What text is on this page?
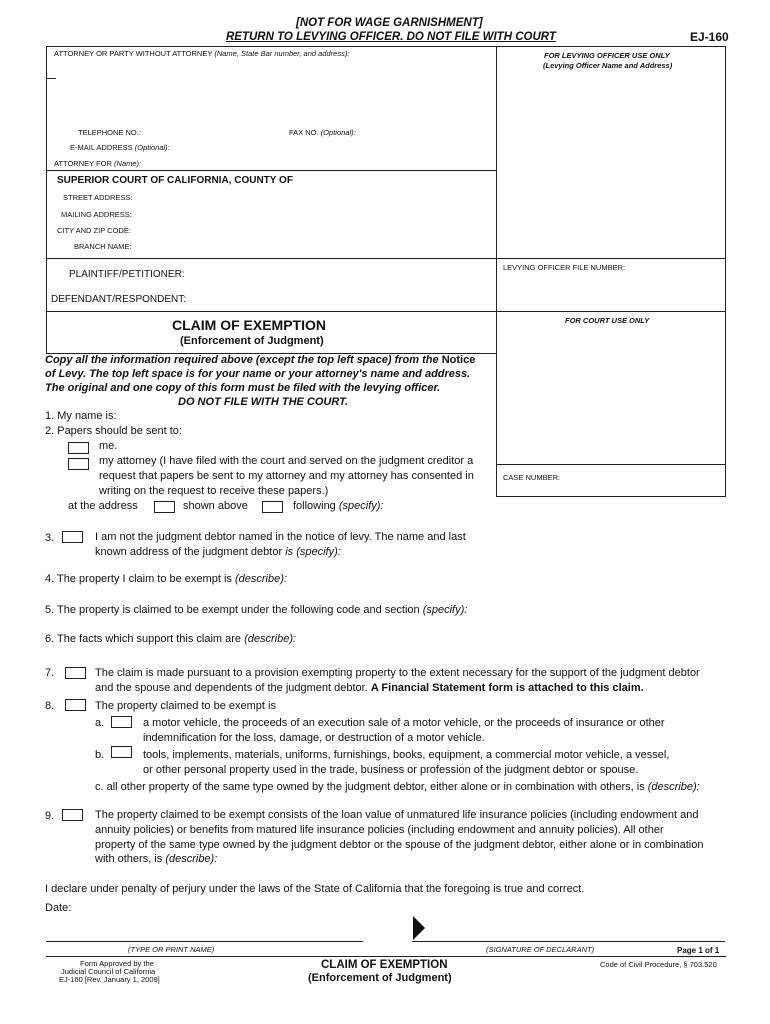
[NOT FOR WAGE GARNISHMENT]
RETURN TO LEVYING OFFICER. DO NOT FILE WITH COURT	EJ-160
ATTORNEY OR PARTY WITHOUT ATTORNEY (Name, State Bar number, and address):
TELEPHONE NO.:	FAX NO. (Optional):
E-MAIL ADDRESS (Optional):
ATTORNEY FOR (Name):
FOR LEVYING OFFICER USE ONLY
(Levying Officer Name and Address)
LEVYING OFFICER FILE NUMBER:
SUPERIOR COURT OF CALIFORNIA, COUNTY OF
STREET ADDRESS:
MAILING ADDRESS:
CITY AND ZIP CODE:
BRANCH NAME:
PLAINTIFF/PETITIONER:
DEFENDANT/RESPONDENT:
CLAIM OF EXEMPTION
(Enforcement of Judgment)
FOR COURT USE ONLY
CASE NUMBER:
Copy all the information required above (except the top left space) from the Notice
of Levy. The top left space is for your name or your attorney's name and address.
The original and one copy of this form must be filed with the levying officer.
DO NOT FILE WITH THE COURT.
1. My name is:
2. Papers should be sent to:
me.
my attorney (I have filed with the court and served on the judgment creditor a
request that papers be sent to my attorney and my attorney has consented in
writing on the request to receive these papers.)
at the address	shown above	following (specify):
3.	I am not the judgment debtor named in the notice of levy. The name and last
known address of the judgment debtor is (specify):
4. The property I claim to be exempt is (describe):
5. The property is claimed to be exempt under the following code and section (specify):
6. The facts which support this claim are (describe):
7.	The claim is made pursuant to a provision exempting property to the extent necessary for the support of the judgment debtor
and the spouse and dependents of the judgment debtor. A Financial Statement form is attached to this claim.
8.	The property claimed to be exempt is
a.	a motor vehicle, the proceeds of an execution sale of a motor vehicle, or the proceeds of insurance or other
indemnification for the loss, damage, or destruction of a motor vehicle.
b.	tools, implements, materials, uniforms, furnishings, books, equipment, a commercial motor vehicle, a vessel,
or other personal property used in the trade, business or profession of the judgment debtor or spouse.
c. all other property of the same type owned by the judgment debtor, either alone or in combination with others, is (describe):
9.	The property claimed to be exempt consists of the loan value of unmatured life insurance policies (including endowment and
annuity policies) or benefits from matured life insurance policies (including endowment and annuity policies). All other
property of the same type owned by the judgment debtor or the spouse of the judgment debtor, either alone or in combination
with others, is (describe):
I declare under penalty of perjury under the laws of the State of California that the foregoing is true and correct.
Date:
(TYPE OR PRINT NAME)	(SIGNATURE OF DECLARANT)	Page 1 of 1
Form Approved by the
Judicial Council of California
EJ-160 [Rev. January 1, 2009]
CLAIM OF EXEMPTION
(Enforcement of Judgment)
Code of Civil Procedure, § 703.520
